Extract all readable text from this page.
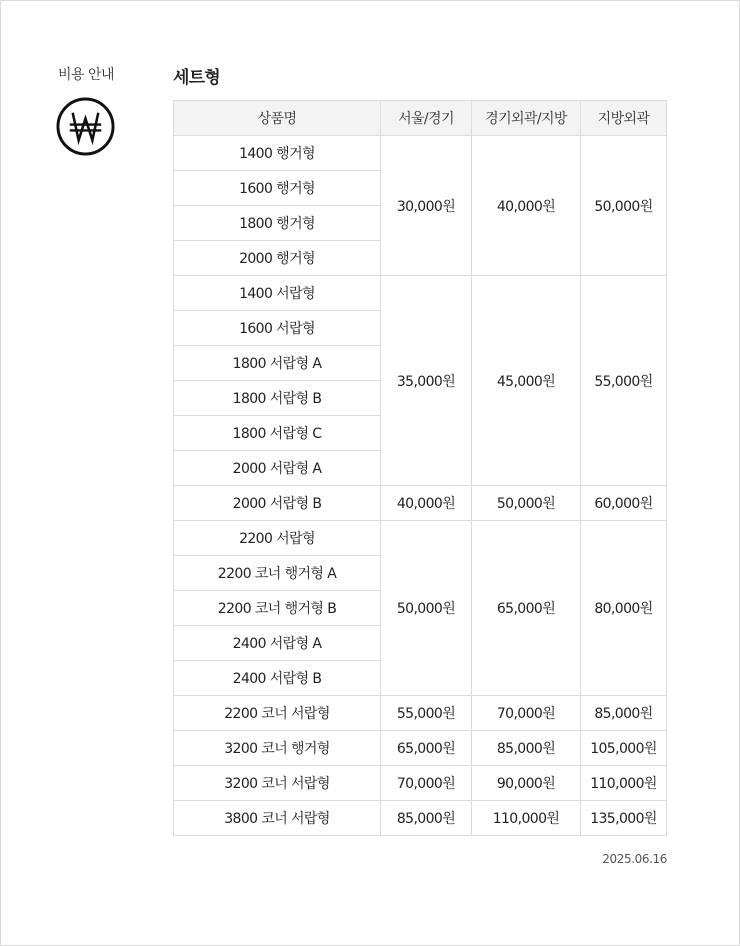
비용 안내	세트형
상품명	서울/경기	경기외곽/지방	지방외곽
1400 행거형	30,000원	40,000원	50,000원
1600 행거형			
1800 행거형			
2000 행거형			
1400 서랍형	35,000원	45,000원	55,000원
1600 서랍형			
1800 서랍형 A			
1800 서랍형 B			
1800 서랍형 C			
2000 서랍형 A			
2000 서랍형 B	40,000원	50,000원	60,000원
2200 서랍형	50,000원	65,000원	80,000원
2200 코너 행거형 A			
2200 코너 행거형 B			
2400 서랍형 A			
2400 서랍형 B			
2200 코너 서랍형	55,000원	70,000원	85,000원
3200 코너 행거형	65,000원	85,000원	105,000원
3200 코너 서랍형	70,000원	90,000원	110,000원
3800 코너 서랍형	85,000원	110,000원	135,000원
2025.06.16
